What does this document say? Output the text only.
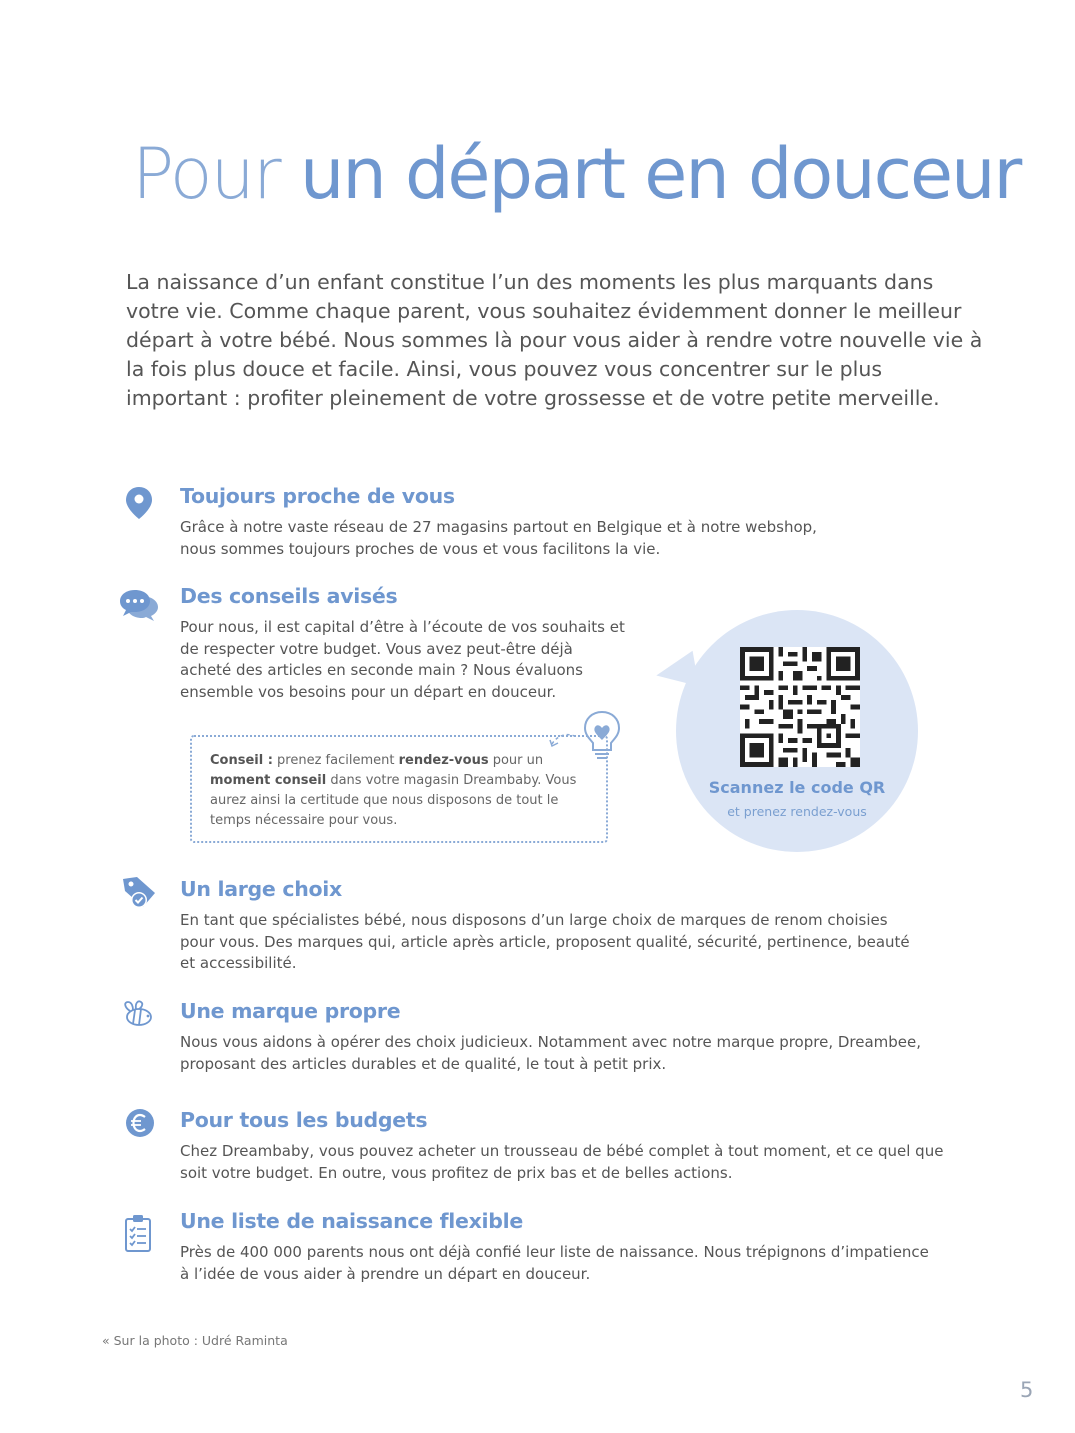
Pour un départ en douceur

La naissance d’un enfant constitue l’un des moments les plus marquants dans votre vie. Comme chaque parent, vous souhaitez évidemment donner le meilleur départ à votre bébé. Nous sommes là pour vous aider à rendre votre nouvelle vie à la fois plus douce et facile. Ainsi, vous pouvez vous concentrer sur le plus important : profiter pleinement de votre grossesse et de votre petite merveille.

Toujours proche de vous

Grâce à notre vaste réseau de 27 magasins partout en Belgique et à notre webshop,
nous sommes toujours proches de vous et vous facilitons la vie.

Des conseils avisés

Pour nous, il est capital d’être à l’écoute de vos souhaits et
de respecter votre budget. Vous avez peut-être déjà
acheté des articles en seconde main ? Nous évaluons
ensemble vos besoins pour un départ en douceur.

Conseil : prenez facilement rendez-vous pour un moment conseil dans votre magasin Dreambaby. Vous aurez ainsi la certitude que nous disposons de tout le temps nécessaire pour vous.

Scannez le code QR
et prenez rendez-vous
Un large choix

En tant que spécialistes bébé, nous disposons d’un large choix de marques de renom choisies
pour vous. Des marques qui, article après article, proposent qualité, sécurité, pertinence, beauté
et accessibilité.

Une marque propre

Nous vous aidons à opérer des choix judicieux. Notamment avec notre marque propre, Dreambee,
proposant des articles durables et de qualité, le tout à petit prix.

Pour tous les budgets

Chez Dreambaby, vous pouvez acheter un trousseau de bébé complet à tout moment, et ce quel que
soit votre budget. En outre, vous profitez de prix bas et de belles actions.

Une liste de naissance flexible

Près de 400 000 parents nous ont déjà confié leur liste de naissance. Nous trépignons d’impatience
à l’idée de vous aider à prendre un départ en douceur.

« Sur la photo : Udré Raminta
5
